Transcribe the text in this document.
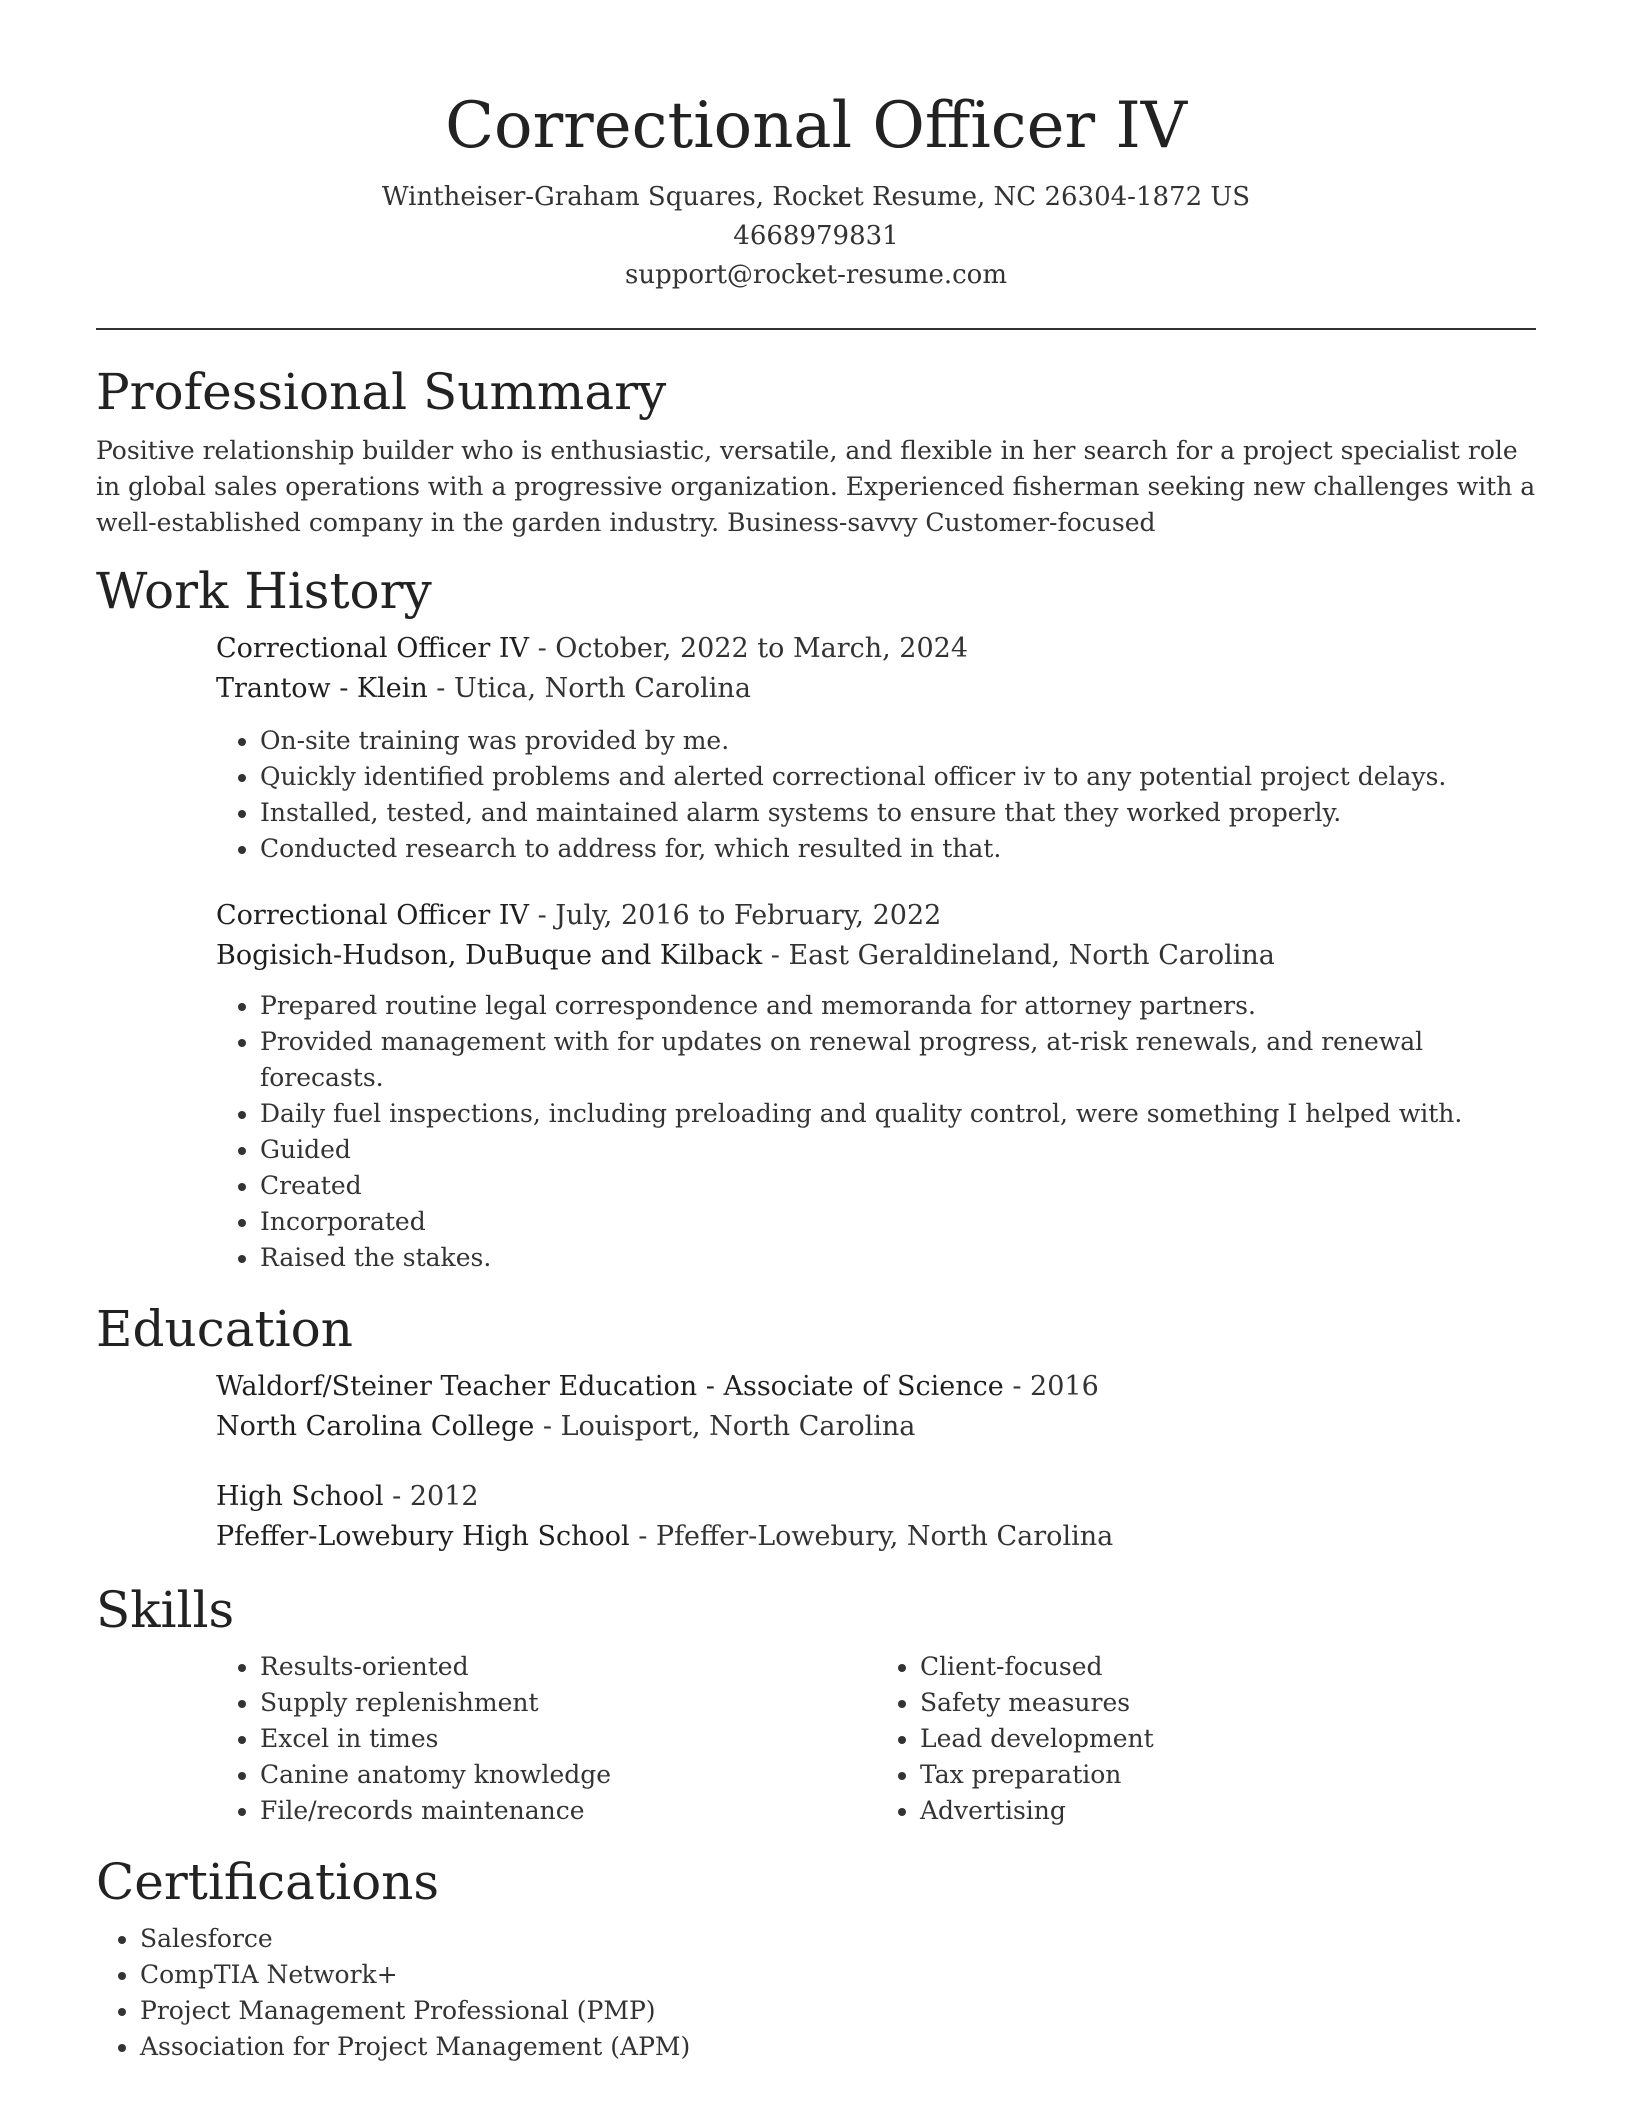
Correctional Officer IV
Wintheiser-Graham Squares, Rocket Resume, NC 26304-1872 US
4668979831
support@rocket-resume.com
Professional Summary

Positive relationship builder who is enthusiastic, versatile, and flexible in her search for a project specialist role in global sales operations with a progressive organization. Experienced fisherman seeking new challenges with a well-established company in the garden industry. Business-savvy Customer-focused

Work History
Correctional Officer IV - October, 2022 to March, 2024
Trantow - Klein - Utica, North Carolina
• On-site training was provided by me.
• Quickly identified problems and alerted correctional officer iv to any potential project delays.
• Installed, tested, and maintained alarm systems to ensure that they worked properly.
• Conducted research to address for, which resulted in that.
Correctional Officer IV - July, 2016 to February, 2022
Bogisich-Hudson, DuBuque and Kilback - East Geraldineland, North Carolina
• Prepared routine legal correspondence and memoranda for attorney partners.
• Provided management with for updates on renewal progress, at-risk renewals, and renewal forecasts.
• Daily fuel inspections, including preloading and quality control, were something I helped with.
• Guided
• Created
• Incorporated
• Raised the stakes.
Education
Waldorf/Steiner Teacher Education - Associate of Science - 2016
North Carolina College - Louisport, North Carolina
High School - 2012
Pfeffer-Lowebury High School - Pfeffer-Lowebury, North Carolina
Skills
• Results-oriented
• Supply replenishment
• Excel in times
• Canine anatomy knowledge
• File/records maintenance
• Client-focused
• Safety measures
• Lead development
• Tax preparation
• Advertising
Certifications
• Salesforce
• CompTIA Network+
• Project Management Professional (PMP)
• Association for Project Management (APM)
